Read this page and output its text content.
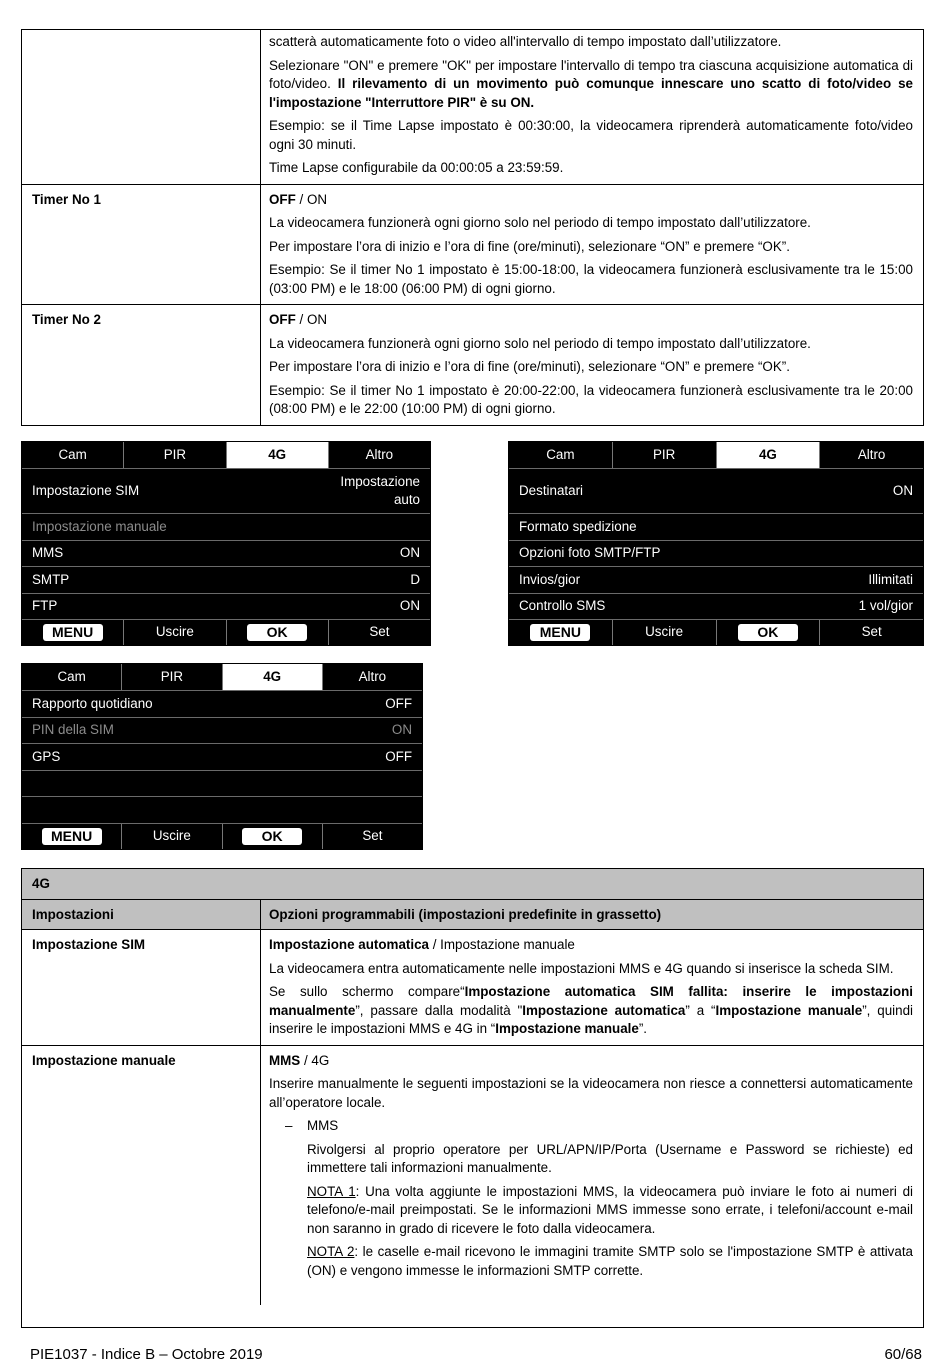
scatterà automaticamente foto o video all'intervallo di tempo impostato dall’utilizzatore.

Selezionare "ON" e premere "OK" per impostare l'intervallo di tempo tra ciascuna acquisizione automatica di foto/video. Il rilevamento di un movimento può comunque innescare uno scatto di foto/video se l'impostazione "Interruttore PIR" è su ON.

Esempio: se il Time Lapse impostato è 00:30:00, la videocamera riprenderà automaticamente foto/video ogni 30 minuti.

Time Lapse configurabile da 00:00:05 a 23:59:59.

Timer No 1	OFF / ON

La videocamera funzionerà ogni giorno solo nel periodo di tempo impostato dall’utilizzatore.

Per impostare l’ora di inizio e l’ora di fine (ore/minuti), selezionare “ON” e premere “OK”.

Esempio: Se il timer No 1 impostato è 15:00-18:00, la videocamera funzionerà esclusivamente tra le 15:00 (03:00 PM) e le 18:00 (06:00 PM) di ogni giorno.

Timer No 2	OFF / ON

La videocamera funzionerà ogni giorno solo nel periodo di tempo impostato dall’utilizzatore.

Per impostare l’ora di inizio e l’ora di fine (ore/minuti), selezionare “ON” e premere “OK”.

Esempio: Se il timer No 1 impostato è 20:00-22:00, la videocamera funzionerà esclusivamente tra le 20:00 (08:00 PM) e le 22:00 (10:00 PM) di ogni giorno.

Cam	PIR	4G	Altro
Impostazione SIM
Impostazione auto
Impostazione manuale
MMS	ON
SMTP	D
FTP	ON
MENU	Uscire	OK	Set
Cam	PIR	4G	Altro
Destinatari	ON
Formato spedizione
Opzioni foto SMTP/FTP
Invios/gior	Illimitati
Controllo SMS	1 vol/gior
MENU	Uscire	OK	Set
Cam	PIR	4G	Altro
Rapporto quotidiano	OFF
PIN della SIM	ON
GPS	OFF
MENU	Uscire	OK	Set
4G
Impostazioni	Opzioni programmabili (impostazioni predefinite in grassetto)
Impostazione SIM	Impostazione automatica / Impostazione manuale

La videocamera entra automaticamente nelle impostazioni MMS e 4G quando si inserisce la scheda SIM.

Se sullo schermo compare“Impostazione automatica SIM fallita: inserire le impostazioni manualmente”, passare dalla modalità "Impostazione automatica” a “Impostazione manuale”, quindi inserire le impostazioni MMS e 4G in “Impostazione manuale”.

Impostazione manuale	MMS / 4G

Inserire manualmente le seguenti impostazioni se la videocamera non riesce a connettersi automaticamente all’operatore locale.

– MMS

Rivolgersi al proprio operatore per URL/APN/IP/Porta (Username e Password se richieste) ed immettere tali informazioni manualmente.

NOTA 1: Una volta aggiunte le impostazioni MMS, la videocamera può inviare le foto ai numeri di telefono/e-mail preimpostati. Se le informazioni MMS immesse sono errate, i telefoni/account e-mail non saranno in grado di ricevere le foto dalla videocamera.

NOTA 2: le caselle e-mail ricevono le immagini tramite SMTP solo se l'impostazione SMTP è attivata (ON) e vengono immesse le informazioni SMTP corrette.

PIE1037 - Indice B – Octobre 2019	60/68
